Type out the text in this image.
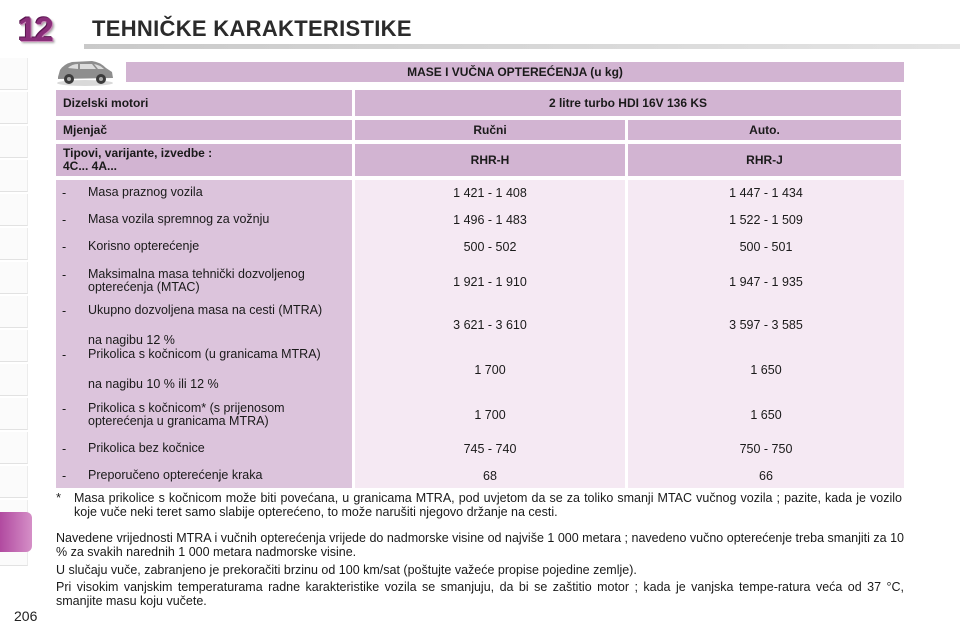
12	TEHNIČKE KARAKTERISTIKE
206
MASE I VUČNA OPTEREĆENJA (u kg)
Dizelski motori	2 litre turbo HDI 16V 136 KS
Mjenjač	Ručni	Auto.
Tipovi, varijante, izvedbe :
4C... 4A...	RHR-H	RHR-J
- Masa praznog vozila	1 421 - 1 408	1 447 - 1 434
- Masa vozila spremnog za vožnju	1 496 - 1 483	1 522 - 1 509
- Korisno opterećenje	500 - 502	500 - 501
- Maksimalna masa tehnički dozvoljenog opterećenja (MTAC)	1 921 - 1 910	1 947 - 1 935
- Ukupno dozvoljena masa na cesti (MTRA)
na nagibu 12 %
3 621 - 3 610	3 597 - 3 585
- Prikolica s kočnicom (u granicama MTRA)
na nagibu 10 % ili 12 %
1 700	1 650
- Prikolica s kočnicom* (s prijenosom opterećenja u granicama MTRA)	1 700	1 650
- Prikolica bez kočnice	745 - 740	750 - 750
- Preporučeno opterećenje kraka	68	66
* Masa prikolice s kočnicom može biti povećana, u granicama MTRA, pod uvjetom da se za toliko smanji MTAC vučnog vozila ; pazite, kada je vozilo koje vuče neki teret samo slabije opterećeno, to može narušiti njegovo držanje na cesti.
Navedene vrijednosti MTRA i vučnih opterećenja vrijede do nadmorske visine od najviše 1 000 metara ; navedeno vučno opterećenje treba smanjiti za 10 % za svakih narednih 1 000 metara nadmorske visine.
U slučaju vuče, zabranjeno je prekoračiti brzinu od 100 km/sat (poštujte važeće propise pojedine zemlje).
Pri visokim vanjskim temperaturama radne karakteristike vozila se smanjuju, da bi se zaštitio motor ; kada je vanjska tempe-ratura veća od 37 °C, smanjite masu koju vučete.
